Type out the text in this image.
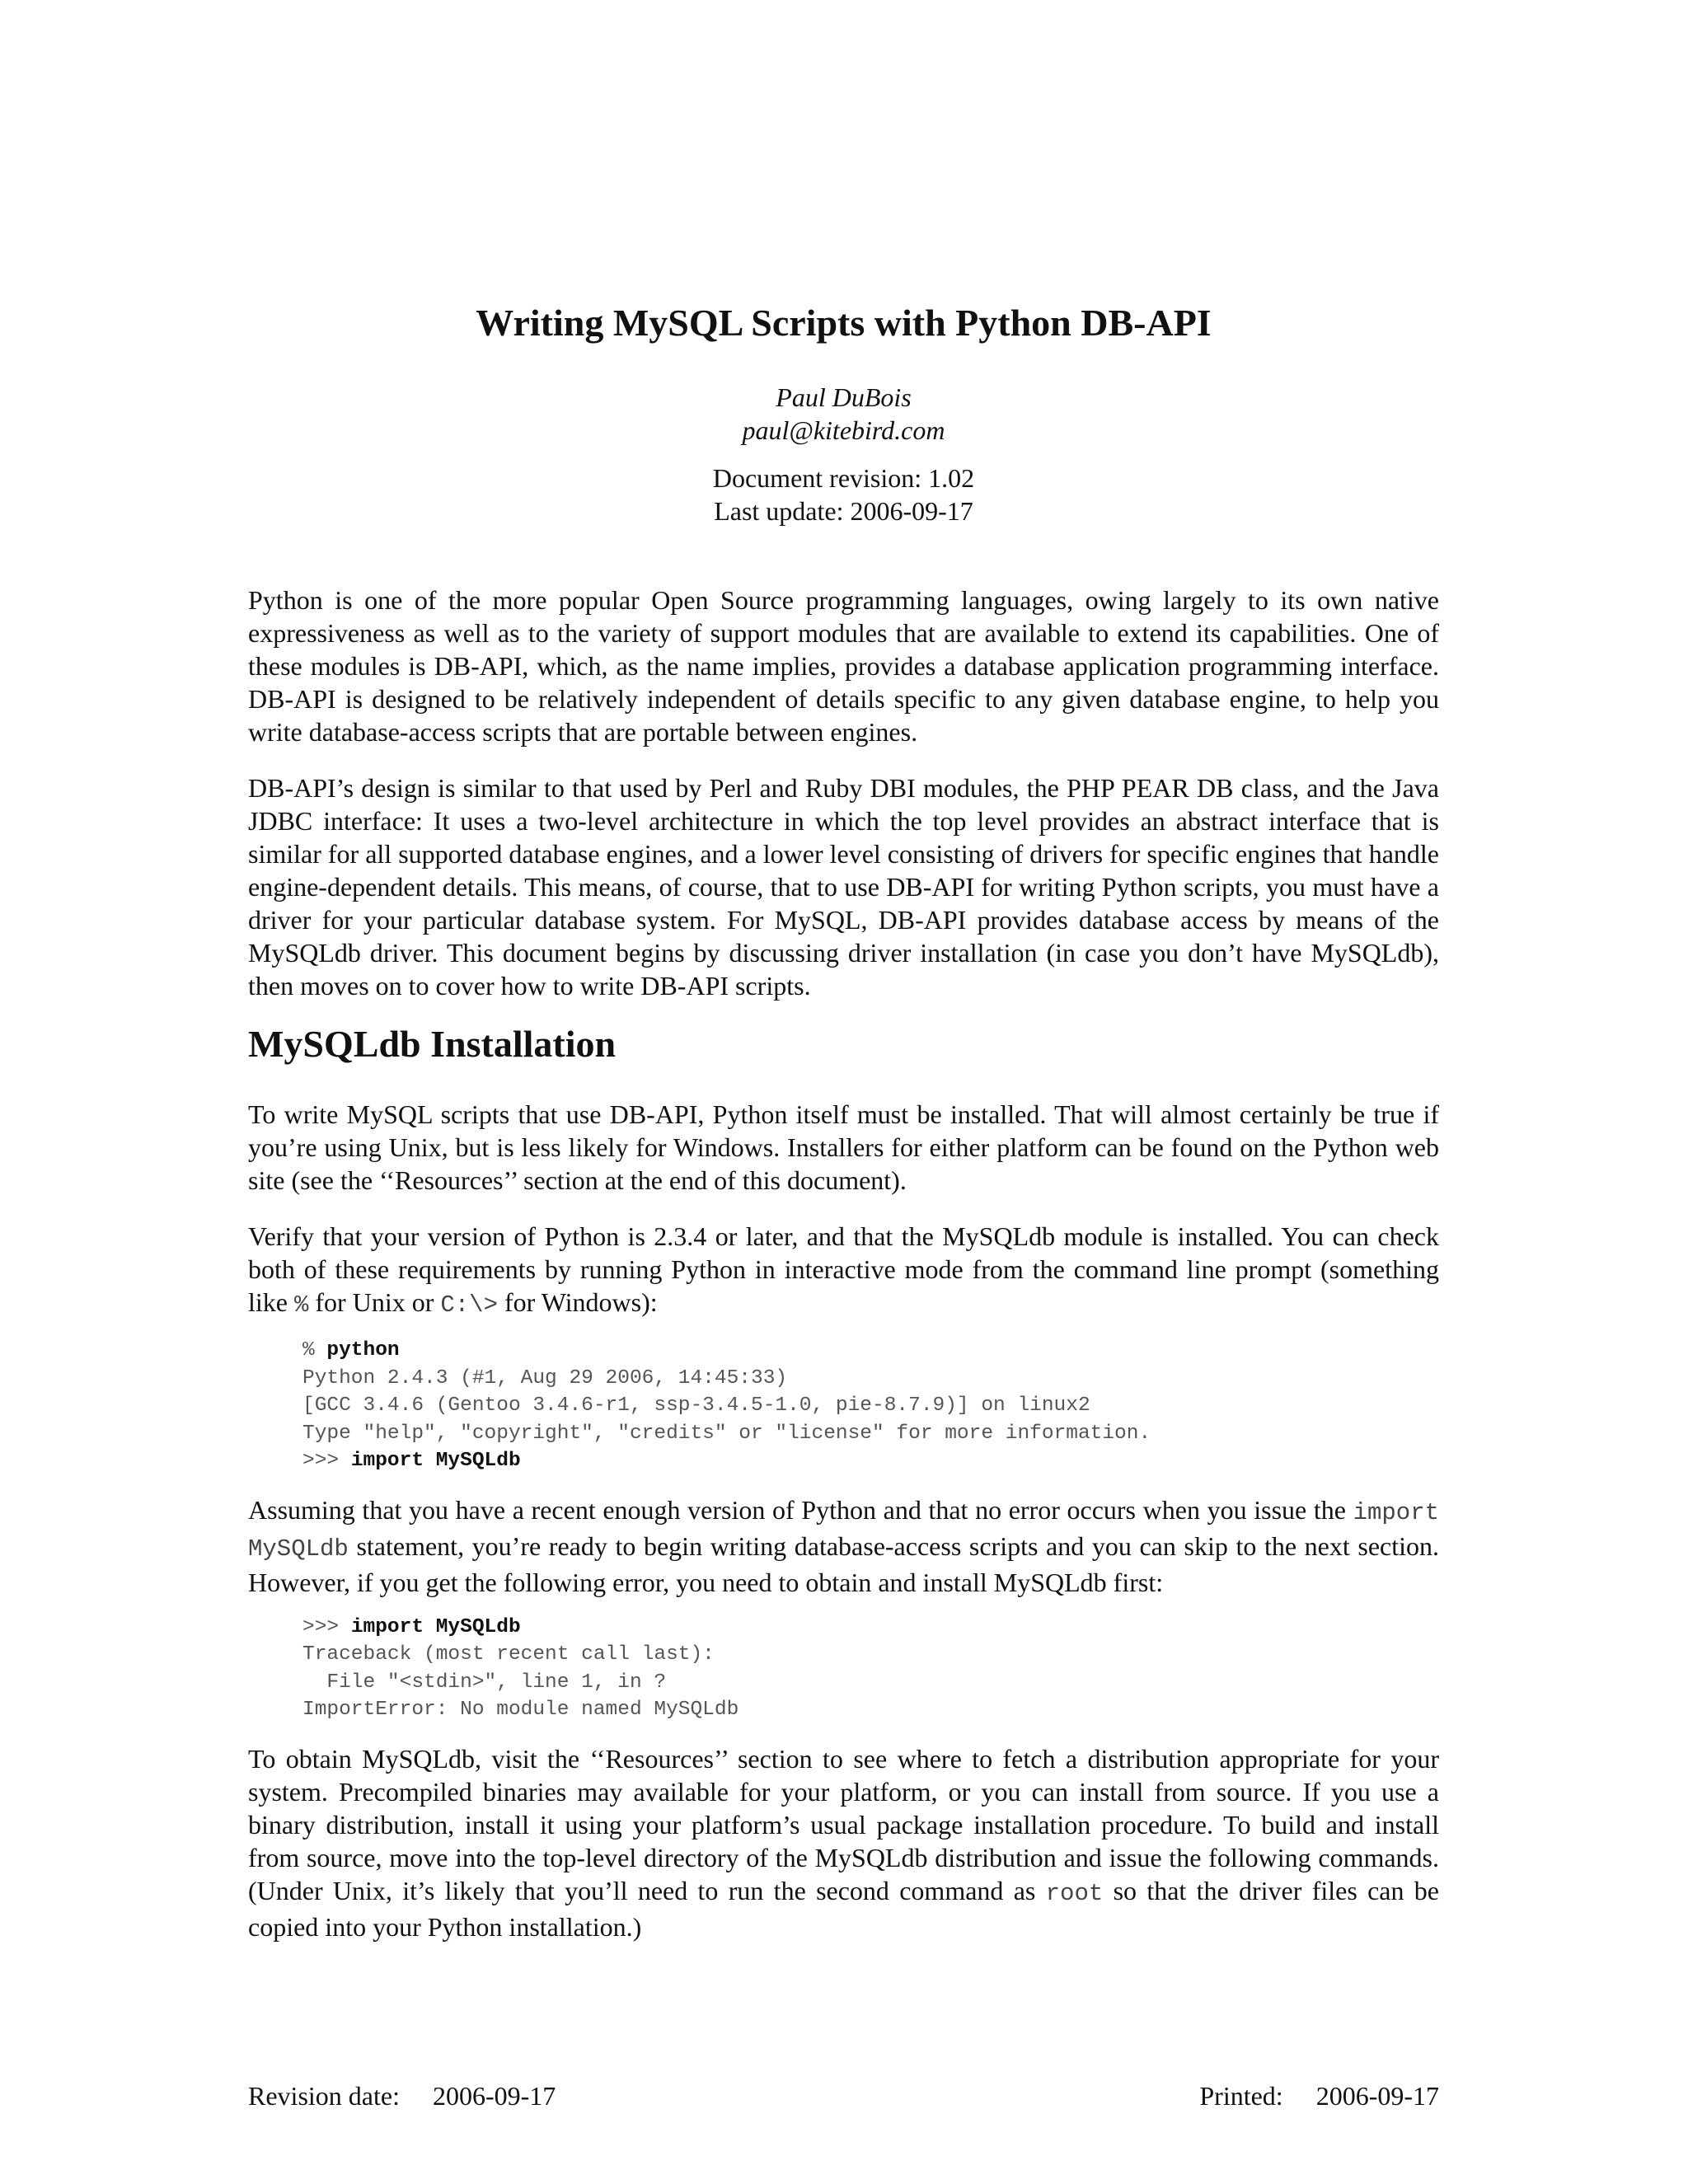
Writing MySQL Scripts with Python DB-API
Paul DuBois
paul@kitebird.com
Document revision: 1.02
Last update: 2006-09-17

Python is one of the more popular Open Source programming languages, owing largely to its own native expressiveness as well as to the variety of support modules that are available to extend its capabilities. One of these modules is DB-API, which, as the name implies, provides a database application programming interface. DB-API is designed to be relatively independent of details specific to any given database engine, to help you write database-access scripts that are portable between engines.

DB-API’s design is similar to that used by Perl and Ruby DBI modules, the PHP PEAR DB class, and the Java JDBC interface: It uses a two-level architecture in which the top level provides an abstract interface that is similar for all supported database engines, and a lower level consisting of drivers for specific engines that handle engine-dependent details. This means, of course, that to use DB-API for writing Python scripts, you must have a driver for your particular database system. For MySQL, DB-API provides database access by means of the MySQLdb driver. This document begins by discussing driver installation (in case you don’t have MySQLdb), then moves on to cover how to write DB-API scripts.

MySQLdb Installation

To write MySQL scripts that use DB-API, Python itself must be installed. That will almost certainly be true if you’re using Unix, but is less likely for Windows. Installers for either platform can be found on the Python web site (see the ‘‘Resources’’ section at the end of this document).

Verify that your version of Python is 2.3.4 or later, and that the MySQLdb module is installed. You can check both of these requirements by running Python in interactive mode from the command line prompt (something like % for Unix or C:\> for Windows):

% python
Python 2.4.3 (#1, Aug 29 2006, 14:45:33)
[GCC 3.4.6 (Gentoo 3.4.6-r1, ssp-3.4.5-1.0, pie-8.7.9)] on linux2
Type "help", "copyright", "credits" or "license" for more information.
>>> import MySQLdb

Assuming that you have a recent enough version of Python and that no error occurs when you issue the import MySQLdb statement, you’re ready to begin writing database-access scripts and you can skip to the next section. However, if you get the following error, you need to obtain and install MySQLdb first:

>>> import MySQLdb
Traceback (most recent call last):
File "<stdin>", line 1, in ?
ImportError: No module named MySQLdb

To obtain MySQLdb, visit the ‘‘Resources’’ section to see where to fetch a distribution appropriate for your system. Precompiled binaries may available for your platform, or you can install from source. If you use a binary distribution, install it using your platform’s usual package installation procedure. To build and install from source, move into the top-level directory of the MySQLdb distribution and issue the following commands. (Under Unix, it’s likely that you’ll need to run the second command as root so that the driver files can be copied into your Python installation.)

Revision date: 2006-09-17	Printed: 2006-09-17
